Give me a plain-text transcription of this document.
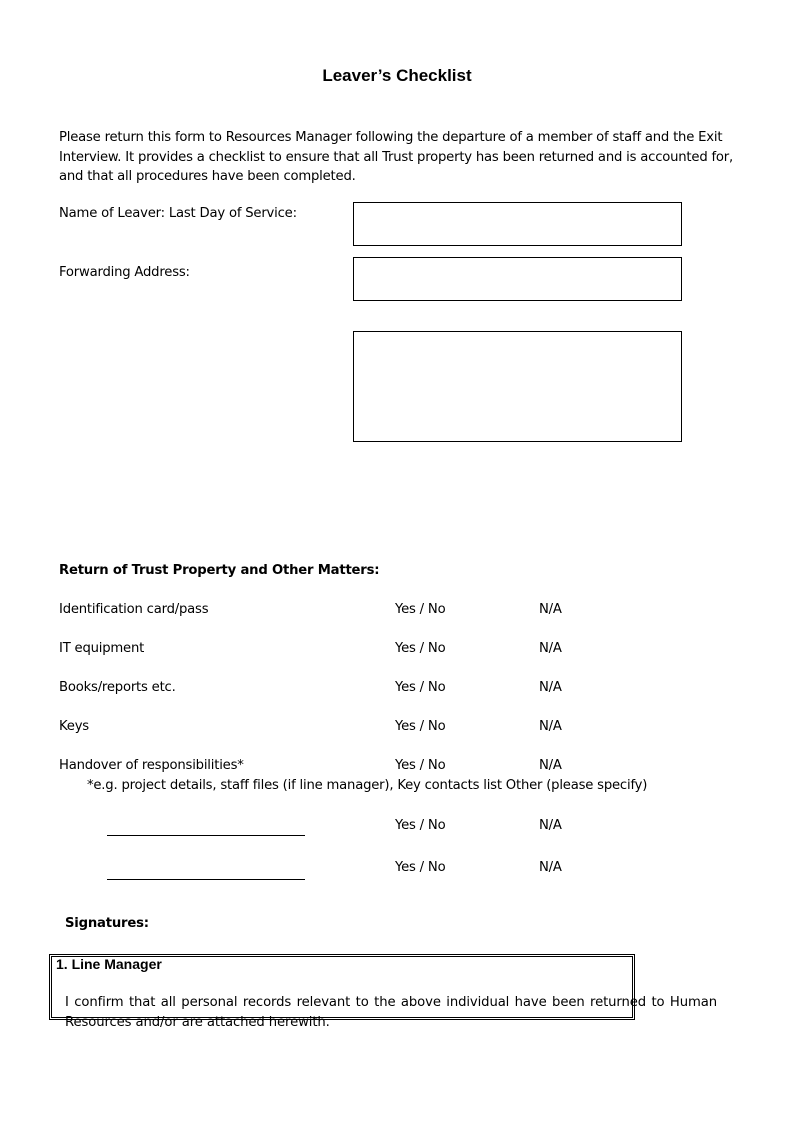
Leaver’s Checklist
Please return this form to Resources Manager following the departure of a member of staff and the Exit Interview. It provides a checklist to ensure that all Trust property has been returned and is accounted for, and that all procedures have been completed.
Name of Leaver: Last Day of Service:
Forwarding Address:
Return of Trust Property and Other Matters:
Identification card/pass	Yes / No	N/A
IT equipment	Yes / No	N/A
Books/reports etc.	Yes / No	N/A
Keys	Yes / No	N/A
Handover of responsibilities*	Yes / No	N/A
*e.g. project details, staff files (if line manager), Key contacts list Other (please specify)
Yes / No	N/A
Yes / No	N/A
Signatures:
1. Line Manager
I confirm that all personal records relevant to the above individual have been returned to Human Resources and/or are attached herewith.
